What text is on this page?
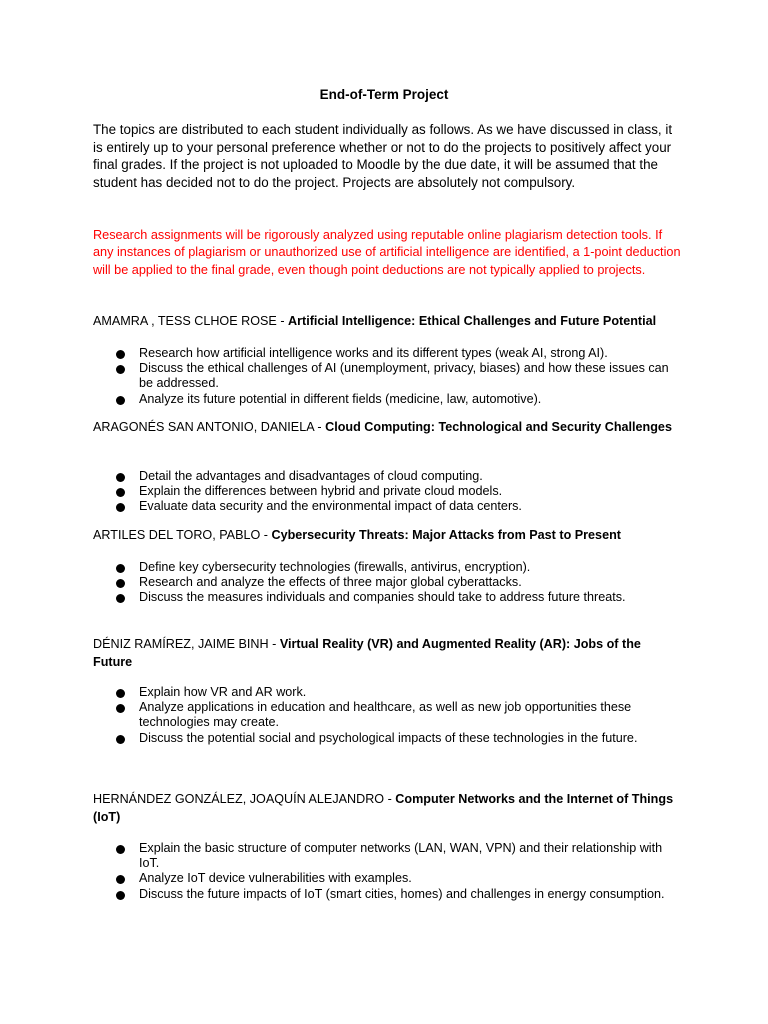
End-of-Term Project
The topics are distributed to each student individually as follows. As we have discussed in class, it is entirely up to your personal preference whether or not to do the projects to positively affect your final grades. If the project is not uploaded to Moodle by the due date, it will be assumed that the student has decided not to do the project. Projects are absolutely not compulsory.
Research assignments will be rigorously analyzed using reputable online plagiarism detection tools. If any instances of plagiarism or unauthorized use of artificial intelligence are identified, a 1-point deduction will be applied to the final grade, even though point deductions are not typically applied to projects.
AMAMRA , TESS CLHOE ROSE - Artificial Intelligence: Ethical Challenges and Future Potential
Research how artificial intelligence works and its different types (weak AI, strong AI).
Discuss the ethical challenges of AI (unemployment, privacy, biases) and how these issues can be addressed.
Analyze its future potential in different fields (medicine, law, automotive).
ARAGONÉS SAN ANTONIO, DANIELA - Cloud Computing: Technological and Security Challenges
Detail the advantages and disadvantages of cloud computing.
Explain the differences between hybrid and private cloud models.
Evaluate data security and the environmental impact of data centers.
ARTILES DEL TORO, PABLO - Cybersecurity Threats: Major Attacks from Past to Present
Define key cybersecurity technologies (firewalls, antivirus, encryption).
Research and analyze the effects of three major global cyberattacks.
Discuss the measures individuals and companies should take to address future threats.
DÉNIZ RAMÍREZ, JAIME BINH - Virtual Reality (VR) and Augmented Reality (AR): Jobs of the Future
Explain how VR and AR work.
Analyze applications in education and healthcare, as well as new job opportunities these technologies may create.
Discuss the potential social and psychological impacts of these technologies in the future.
HERNÁNDEZ GONZÁLEZ, JOAQUÍN ALEJANDRO - Computer Networks and the Internet of Things (IoT)
Explain the basic structure of computer networks (LAN, WAN, VPN) and their relationship with IoT.
Analyze IoT device vulnerabilities with examples.
Discuss the future impacts of IoT (smart cities, homes) and challenges in energy consumption.
